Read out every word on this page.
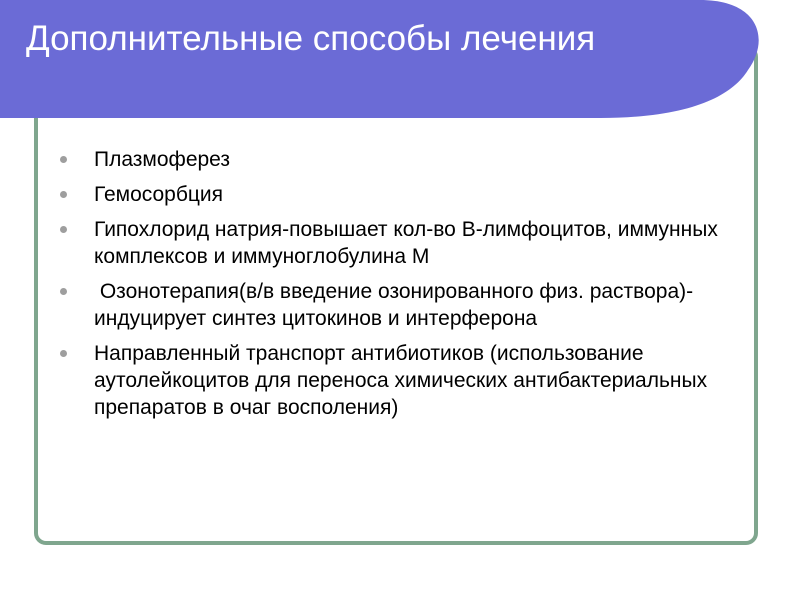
Дополнительные способы лечения
Плазмоферез
Гемосорбция
Гипохлорид натрия-повышает кол-во В-лимфоцитов, иммунных комплексов и иммуноглобулина М
Озонотерапия(в/в введение озонированного физ. раствора)-индуцирует синтез цитокинов и интерферона
Направленный транспорт антибиотиков (использование аутолейкоцитов для переноса химических антибактериальных препаратов в очаг восполения)
